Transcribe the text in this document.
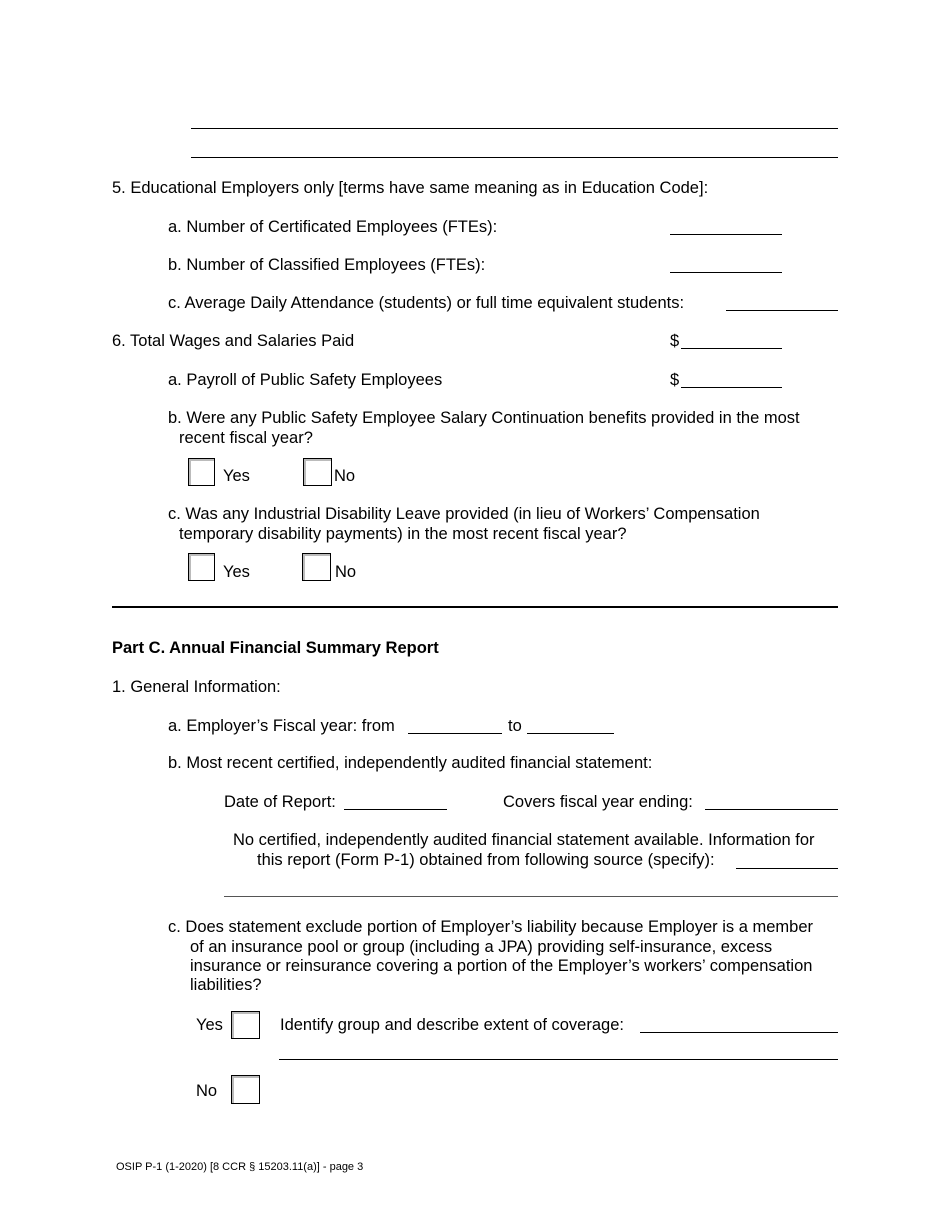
5. Educational Employers only [terms have same meaning as in Education Code]:
a. Number of Certificated Employees (FTEs):
b. Number of Classified Employees (FTEs):
c. Average Daily Attendance (students) or full time equivalent students:
6. Total Wages and Salaries Paid	$
a. Payroll of Public Safety Employees	$
b. Were any Public Safety Employee Salary Continuation benefits provided in the most
recent fiscal year?
Yes	No
c. Was any Industrial Disability Leave provided (in lieu of Workers’ Compensation
temporary disability payments) in the most recent fiscal year?
Yes	No
Part C. Annual Financial Summary Report
1. General Information:
a. Employer’s Fiscal year: from	to
b. Most recent certified, independently audited financial statement:
Date of Report:	Covers fiscal year ending:
No certified, independently audited financial statement available. Information for
this report (Form P-1) obtained from following source (specify):
c. Does statement exclude portion of Employer’s liability because Employer is a member
of an insurance pool or group (including a JPA) providing self-insurance, excess
insurance or reinsurance covering a portion of the Employer’s workers’ compensation
liabilities?
Yes	Identify group and describe extent of coverage:
No
OSIP P-1 (1-2020) [8 CCR § 15203.11(a)] - page 3
